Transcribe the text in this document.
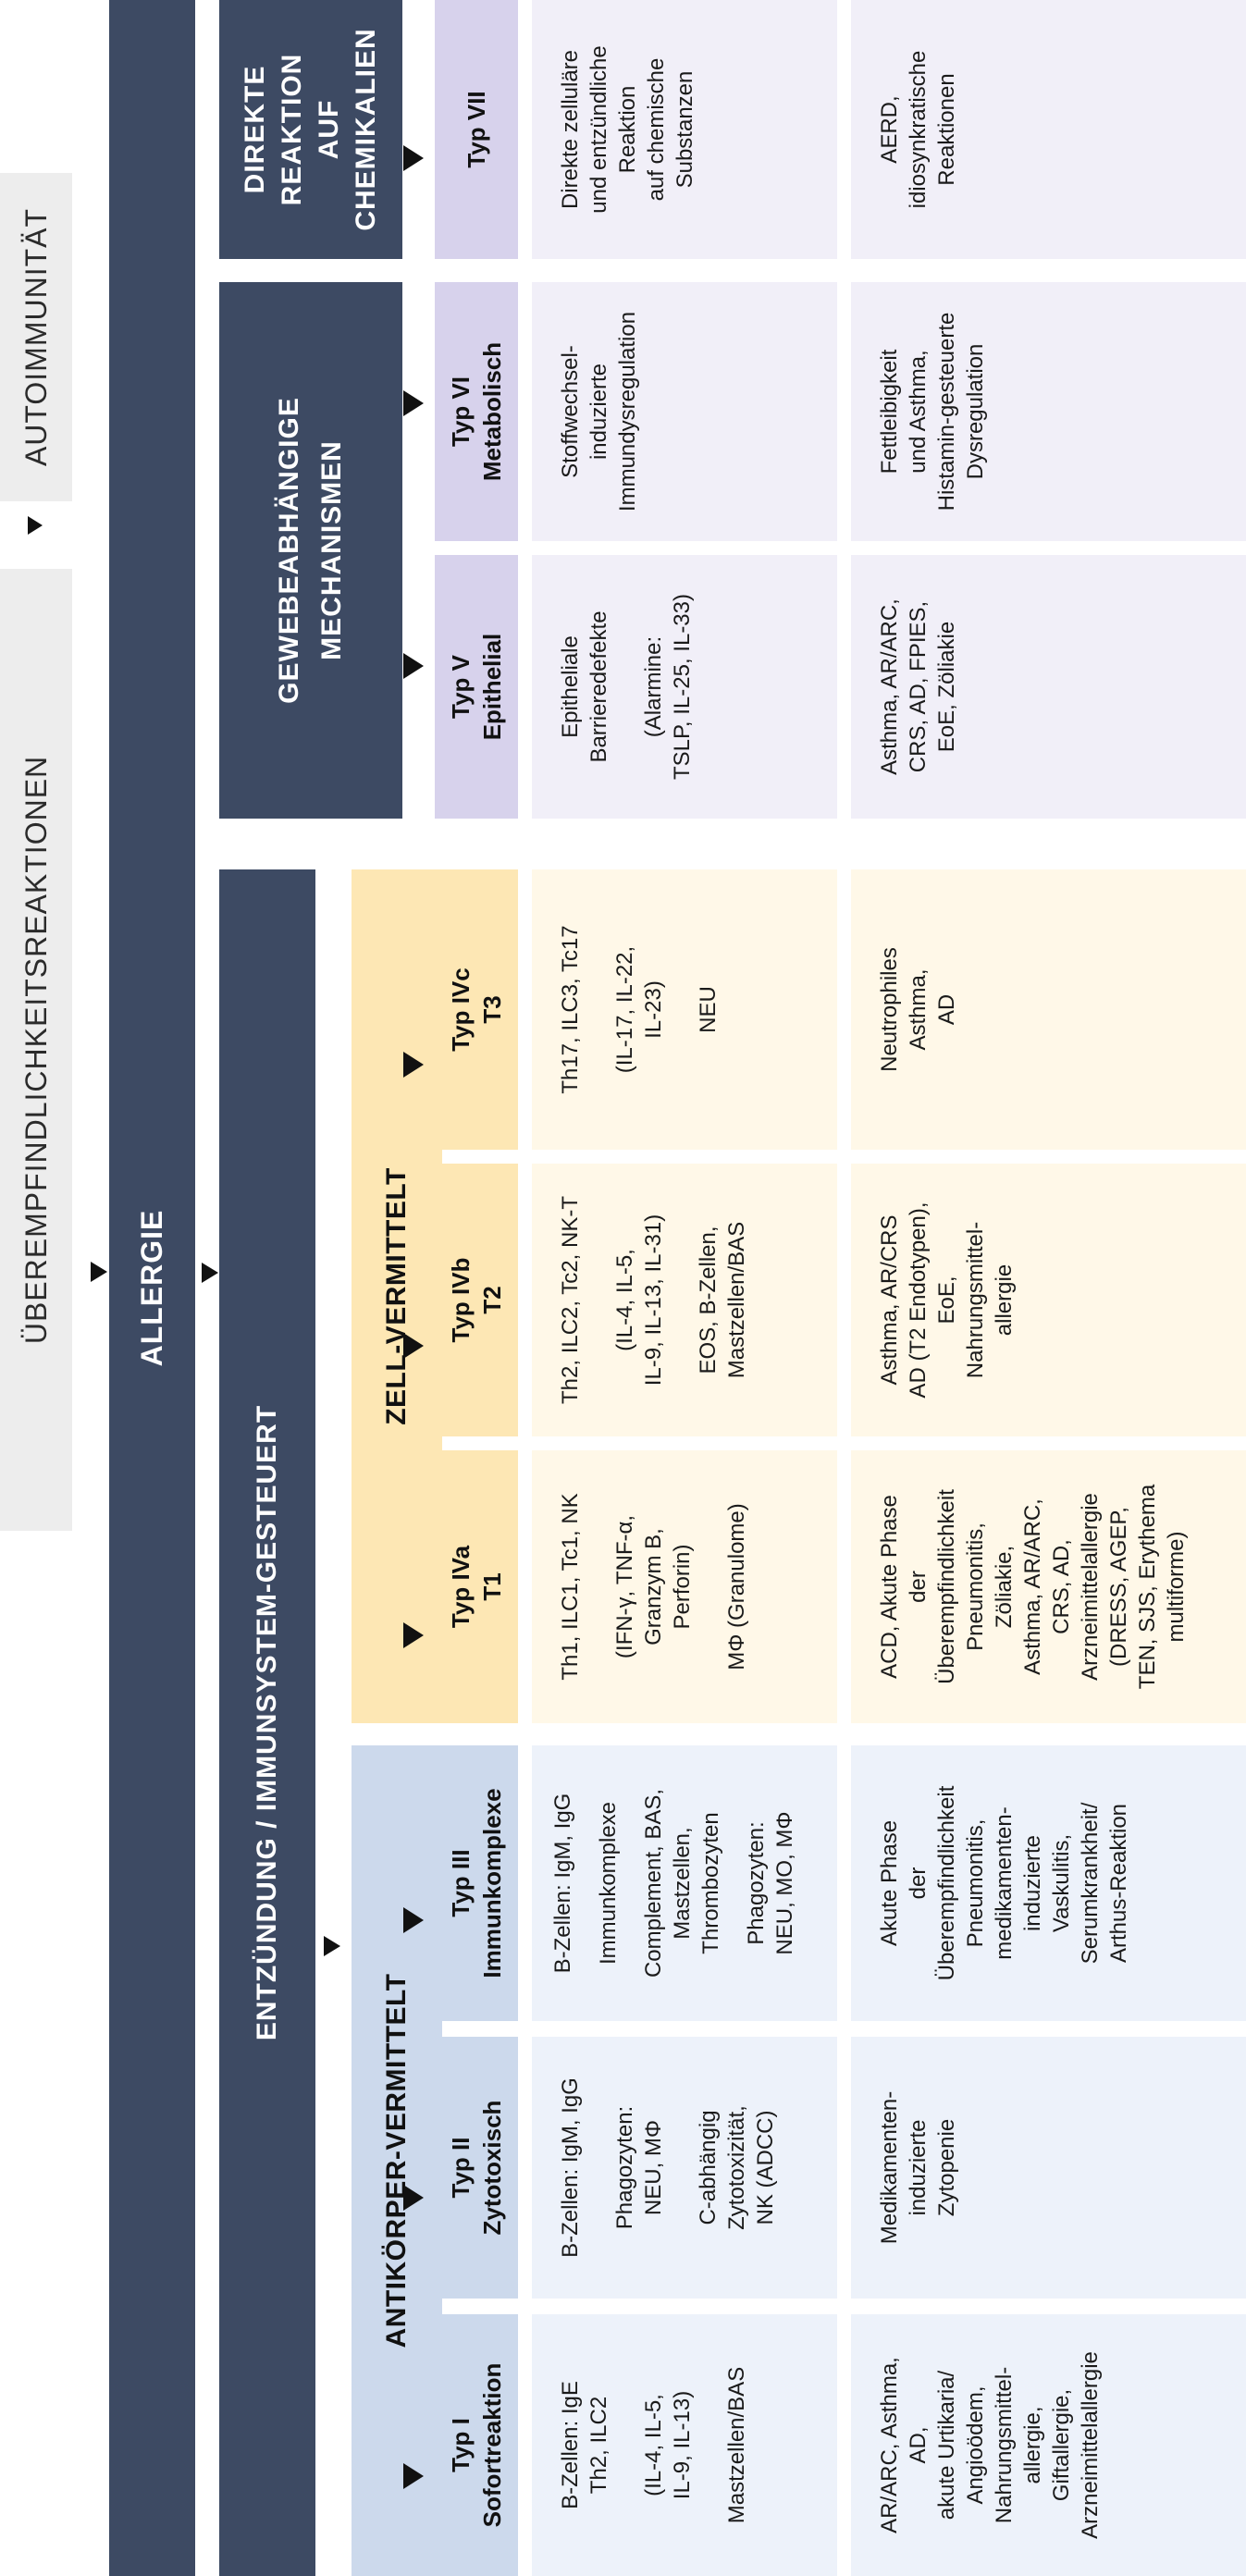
ÜBEREMPFINDLICHKEITSREAKTIONEN
AUTOIMMUNITÄT
ALLERGIE
ENTZÜNDUNG / IMMUNSYSTEM-GESTEUERT
GEWEBEABHÄNGIGE MECHANISMEN
DIREKTE REAKTION AUF CHEMIKALIEN
ANTIKÖRPER-VERMITTELT
ZELL-VERMITTELT
Typ I Sofortreaktion
Typ II Zytotoxisch
Typ III Immunkomplexe
Typ IVa T1
Typ IVb T2
Typ IVc T3
Typ V Epithelial
Typ VI Metabolisch
Typ VII
B-Zellen: IgE Th2, ILC2 (IL-4, IL-5, IL-9, IL-13) Mastzellen/BAS
B-Zellen: IgM, IgG Phagozyten: NEU, MΦ C-abhängig Zytotoxizität, NK (ADCC)
B-Zellen: IgM, IgG Immunkomplexe Complement, BAS, Mastzellen, Thrombozyten Phagozyten: NEU, MO, MΦ
Th1, ILC1, Tc1, NK (IFN-γ, TNF-α, Granzym B, Perforin) MΦ (Granulome)
Th2, ILC2, Tc2, NK-T (IL-4, IL-5, IL-9, IL-13, IL-31) EOS, B-Zellen, Mastzellen/BAS
Th17, ILC3, Tc17 (IL-17, IL-22, IL-23) NEU
Epitheliale Barrieredefekte (Alarmine: TSLP, IL-25, IL-33)
Stoffwechsel- induzierte Immundysregulation
Direkte zelluläre und entzündliche Reaktion auf chemische Substanzen
AR/ARC, Asthma, AD, akute Urtikaria/ Angioödem, Nahrungsmittel- allergie, Giftallergie, Arzneimittelallergie
Medikamenten- induzierte Zytopenie
Akute Phase der Überempfindlichkeit Pneumonitis, medikamenten- induzierte Vaskulitis, Serumkrankheit/ Arthus-Reaktion
ACD, Akute Phase der Überempfindlichkeit Pneumonitis, Zöliakie, Asthma, AR/ARC, CRS, AD, Arzneimittelallergie (DRESS, AGEP, TEN, SJS, Erythema multiforme)
Asthma, AR/CRS AD (T2 Endotypen), EoE, Nahrungsmittel- allergie
Neutrophiles Asthma, AD
Asthma, AR/ARC, CRS, AD, FPIES, EoE, Zöliakie
Fettleibigkeit und Asthma, Histamin-gesteuerte Dysregulation
AERD, idiosynkratische Reaktionen
